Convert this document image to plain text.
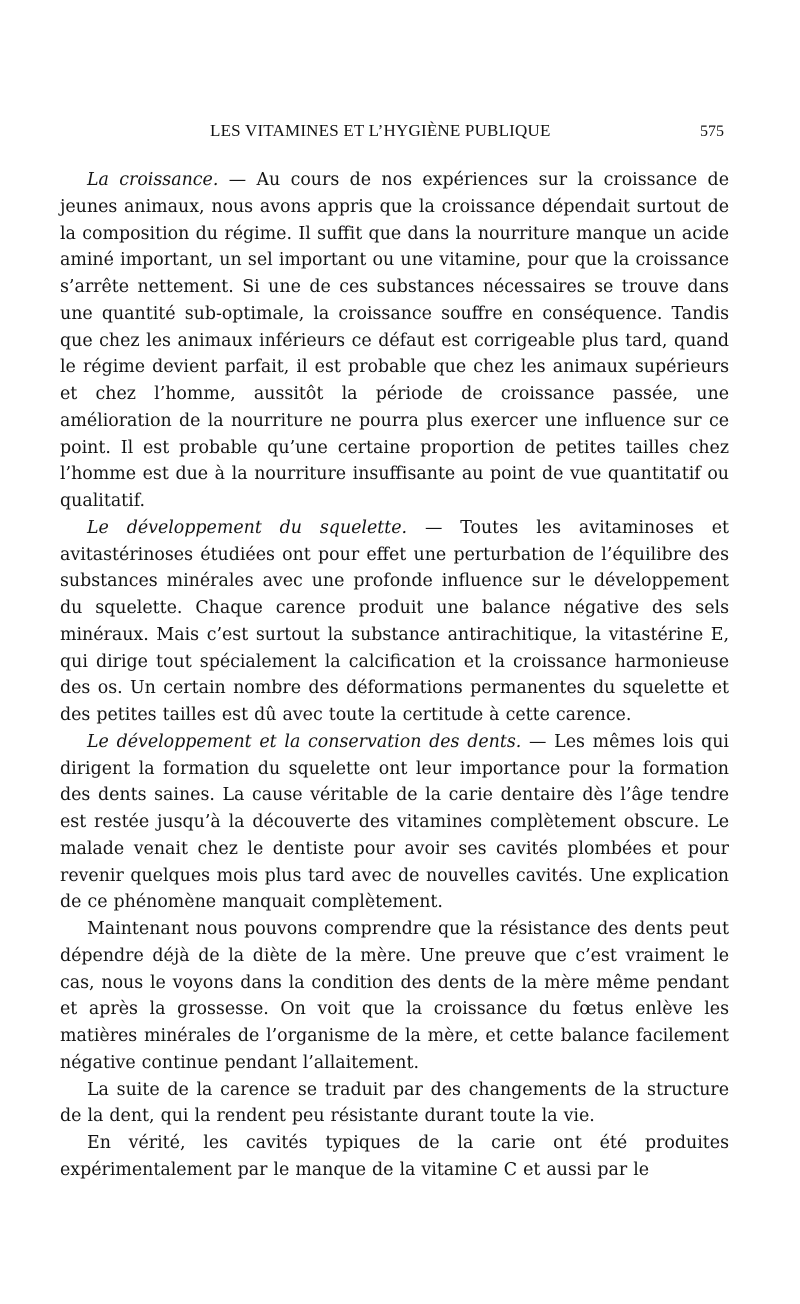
LES VITAMINES ET L’HYGIÈNE PUBLIQUE	575

La croissance. — Au cours de nos expériences sur la croissance de jeunes animaux, nous avons appris que la croissance dépendait surtout de la composition du régime. Il suffit que dans la nourriture manque un acide aminé important, un sel important ou une vitamine, pour que la croissance s’arrête nettement. Si une de ces substances nécessaires se trouve dans une quantité sub-optimale, la croissance souffre en conséquence. Tandis que chez les animaux inférieurs ce défaut est corrigeable plus tard, quand le régime devient parfait, il est probable que chez les animaux supérieurs et chez l’homme, aussitôt la période de croissance passée, une amélioration de la nourriture ne pourra plus exercer une influence sur ce point. Il est probable qu’une certaine proportion de petites tailles chez l’homme est due à la nourriture insuffisante au point de vue quantitatif ou qualitatif.

Le développement du squelette. — Toutes les avitaminoses et avitastérinoses étudiées ont pour effet une perturbation de l’équilibre des substances minérales avec une profonde influence sur le développement du squelette. Chaque carence produit une balance négative des sels minéraux. Mais c’est surtout la substance antirachitique, la vitastérine E, qui dirige tout spécialement la calcification et la croissance harmonieuse des os. Un certain nombre des déformations permanentes du squelette et des petites tailles est dû avec toute la certitude à cette carence.

Le développement et la conservation des dents. — Les mêmes lois qui dirigent la formation du squelette ont leur importance pour la formation des dents saines. La cause véritable de la carie dentaire dès l’âge tendre est restée jusqu’à la découverte des vitamines complètement obscure. Le malade venait chez le dentiste pour avoir ses cavités plombées et pour revenir quelques mois plus tard avec de nouvelles cavités. Une explication de ce phénomène manquait complètement.

Maintenant nous pouvons comprendre que la résistance des dents peut dépendre déjà de la diète de la mère. Une preuve que c’est vraiment le cas, nous le voyons dans la condition des dents de la mère même pendant et après la grossesse. On voit que la croissance du fœtus enlève les matières minérales de l’organisme de la mère, et cette balance facilement négative continue pendant l’allaitement.

La suite de la carence se traduit par des changements de la structure de la dent, qui la rendent peu résistante durant toute la vie.

En vérité, les cavités typiques de la carie ont été produites expérimentalement par le manque de la vitamine C et aussi par le
